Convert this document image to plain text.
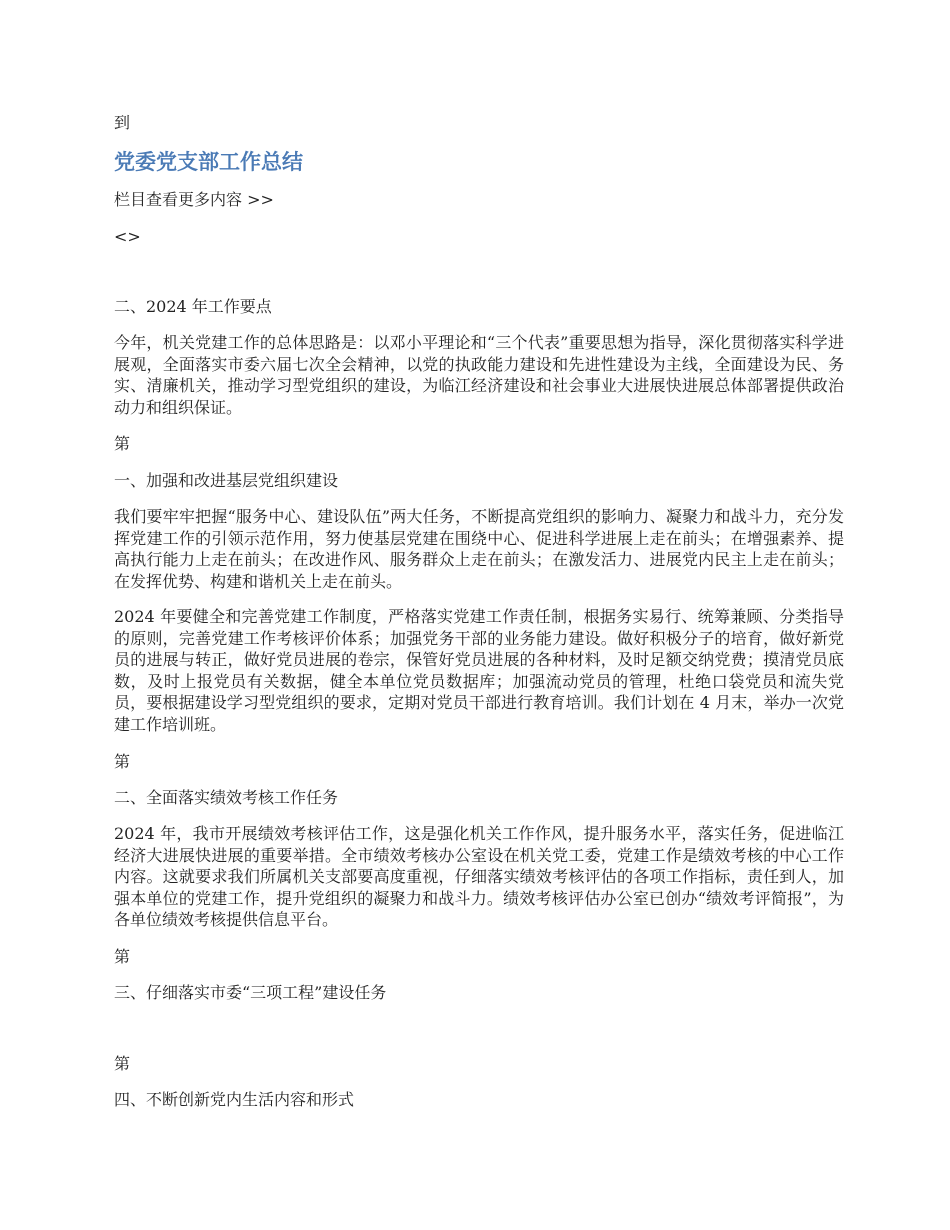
到

党委党支部工作总结

栏目查看更多内容 >>

<>

二、2024 年工作要点

今年，机关党建工作的总体思路是：以邓小平理论和“三个代表”重要思想为指导，深化贯彻落实科学进展观，全面落实市委六届七次全会精神，以党的执政能力建设和先进性建设为主线，全面建设为民、务实、清廉机关，推动学习型党组织的建设，为临江经济建设和社会事业大进展快进展总体部署提供政治动力和组织保证。

第

一、加强和改进基层党组织建设

我们要牢牢把握“服务中心、建设队伍”两大任务，不断提高党组织的影响力、凝聚力和战斗力，充分发挥党建工作的引领示范作用，努力使基层党建在围绕中心、促进科学进展上走在前头；在增强素养、提高执行能力上走在前头；在改进作风、服务群众上走在前头；在激发活力、进展党内民主上走在前头；在发挥优势、构建和谐机关上走在前头。

2024 年要健全和完善党建工作制度，严格落实党建工作责任制，根据务实易行、统筹兼顾、分类指导的原则，完善党建工作考核评价体系；加强党务干部的业务能力建设。做好积极分子的培育，做好新党员的进展与转正，做好党员进展的卷宗，保管好党员进展的各种材料，及时足额交纳党费；摸清党员底数，及时上报党员有关数据，健全本单位党员数据库；加强流动党员的管理，杜绝口袋党员和流失党员，要根据建设学习型党组织的要求，定期对党员干部进行教育培训。我们计划在 4 月末，举办一次党建工作培训班。

第

二、全面落实绩效考核工作任务

2024 年，我市开展绩效考核评估工作，这是强化机关工作作风，提升服务水平，落实任务，促进临江经济大进展快进展的重要举措。全市绩效考核办公室设在机关党工委，党建工作是绩效考核的中心工作内容。这就要求我们所属机关支部要高度重视，仔细落实绩效考核评估的各项工作指标，责任到人，加强本单位的党建工作，提升党组织的凝聚力和战斗力。绩效考核评估办公室已创办“绩效考评简报”，为各单位绩效考核提供信息平台。

第

三、仔细落实市委“三项工程”建设任务

第

四、不断创新党内生活内容和形式
